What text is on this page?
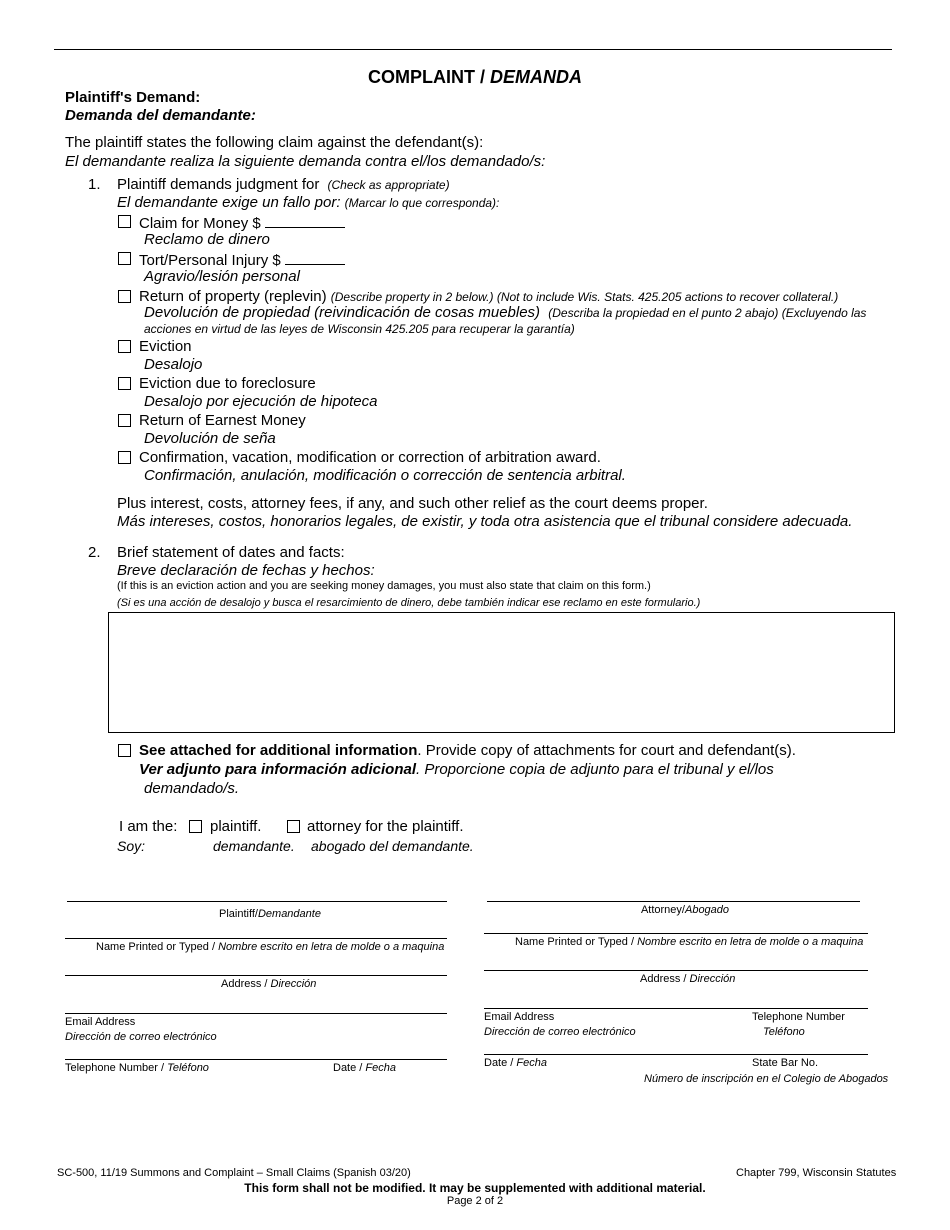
COMPLAINT / DEMANDA
Plaintiff's Demand:
Demanda del demandante:
The plaintiff states the following claim against the defendant(s):
El demandante realiza la siguiente demanda contra el/los demandado/s:
1. Plaintiff demands judgment for (Check as appropriate)
El demandante exige un fallo por: (Marcar lo que corresponda):
Claim for Money $
Reclamo de dinero
Tort/Personal Injury $
Agravio/lesión personal
Return of property (replevin) (Describe property in 2 below.) (Not to include Wis. Stats. 425.205 actions to recover collateral.)
Devolución de propiedad (reivindicación de cosas muebles) (Describa la propiedad en el punto 2 abajo) (Excluyendo las
acciones en virtud de las leyes de Wisconsin 425.205 para recuperar la garantía)
Eviction
Desalojo
Eviction due to foreclosure
Desalojo por ejecución de hipoteca
Return of Earnest Money
Devolución de seña
Confirmation, vacation, modification or correction of arbitration award.
Confirmación, anulación, modificación o corrección de sentencia arbitral.
Plus interest, costs, attorney fees, if any, and such other relief as the court deems proper.
Más intereses, costos, honorarios legales, de existir, y toda otra asistencia que el tribunal considere adecuada.
2. Brief statement of dates and facts:
Breve declaración de fechas y hechos:
(If this is an eviction action and you are seeking money damages, you must also state that claim on this form.)
(Si es una acción de desalojo y busca el resarcimiento de dinero, debe también indicar ese reclamo en este formulario.)
See attached for additional information. Provide copy of attachments for court and defendant(s).
Ver adjunto para información adicional. Proporcione copia de adjunto para el tribunal y el/los
demandado/s.
I am the: plaintiff.	attorney for the plaintiff.
Soy:	demandante. abogado del demandante.
Plaintiff/Demandante
Name Printed or Typed / Nombre escrito en letra de molde o a maquina
Address / Dirección
Email Address
Dirección de correo electrónico
Telephone Number / Teléfono	Date / Fecha
Attorney/Abogado
Name Printed or Typed / Nombre escrito en letra de molde o a maquina
Address / Dirección
Email Address
Dirección de correo electrónico
Telephone Number
Teléfono
Date / Fecha	State Bar No.
Número de inscripción en el Colegio de Abogados
SC-500, 11/19 Summons and Complaint – Small Claims (Spanish 03/20)	Chapter 799, Wisconsin Statutes
This form shall not be modified. It may be supplemented with additional material.
Page 2 of 2
